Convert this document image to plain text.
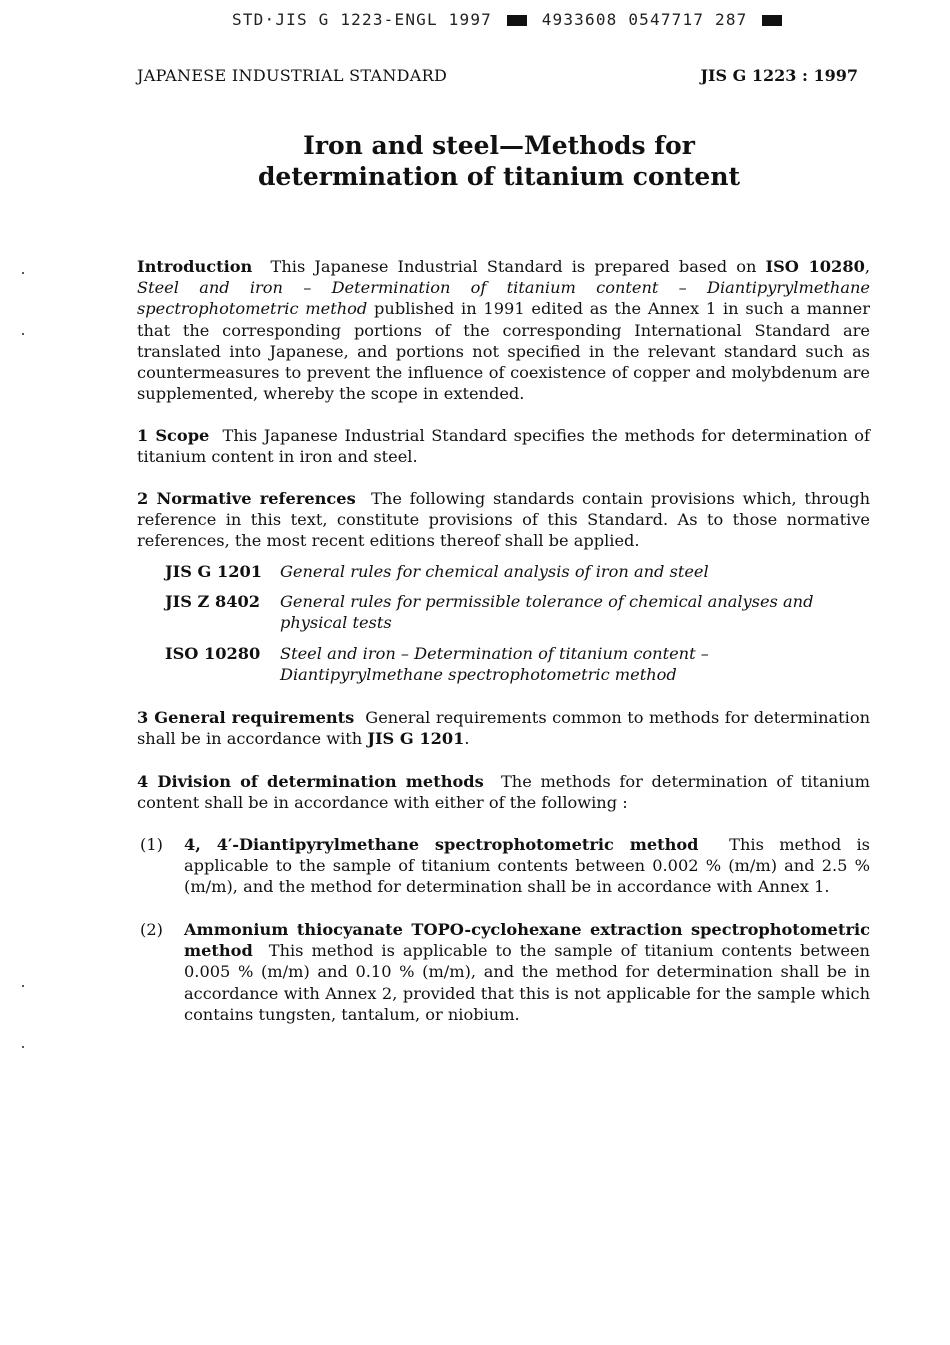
STD·JIS G 1223-ENGL 1997	4933608 0547717 287
JAPANESE INDUSTRIAL STANDARD	JIS G 1223 : 1997
Iron and steel—Methods for
determination of titanium content
Introduction This Japanese Industrial Standard is prepared based on ISO 10280, Steel and iron – Determination of titanium content – Diantipyrylmethane spectrophotometric method published in 1991 edited as the Annex 1 in such a manner that the corresponding portions of the corresponding International Standard are translated into Japanese, and portions not specified in the relevant standard such as countermeasures to prevent the influence of coexistence of copper and molybdenum are supplemented, whereby the scope in extended.
1 Scope This Japanese Industrial Standard specifies the methods for determination of titanium content in iron and steel.
2 Normative references The following standards contain provisions which, through reference in this text, constitute provisions of this Standard. As to those normative references, the most recent editions thereof shall be applied.
JIS G 1201	General rules for chemical analysis of iron and steel
JIS Z 8402	General rules for permissible tolerance of chemical analyses and physical tests
ISO 10280	Steel and iron – Determination of titanium content – Diantipyrylmethane spectrophotometric method
3 General requirements General requirements common to methods for determination shall be in accordance with JIS G 1201.
4 Division of determination methods The methods for determination of titanium content shall be in accordance with either of the following :
(1)	4, 4′-Diantipyrylmethane spectrophotometric method This method is applicable to the sample of titanium contents between 0.002 % (m/m) and 2.5 % (m/m), and the method for determination shall be in accordance with Annex 1.
(2)	Ammonium thiocyanate TOPO-cyclohexane extraction spectrophotometric method This method is applicable to the sample of titanium contents between 0.005 % (m/m) and 0.10 % (m/m), and the method for determination shall be in accordance with Annex 2, provided that this is not applicable for the sample which contains tungsten, tantalum, or niobium.
